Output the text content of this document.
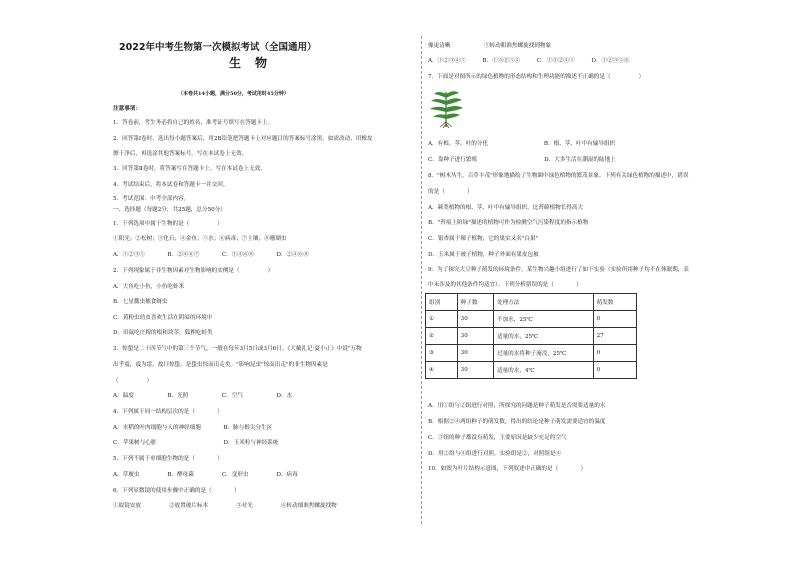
2022年中考生物第一次模拟考试（全国通用）
生物
（本卷共14小题，满分50分，考试用时45分钟）
注意事项：
1．答卷前，考生务必将自己的姓名、准考证号填写在答题卡上。
2．回答第Ⅰ卷时，选出每小题答案后，用2B铅笔把答题卡上对应题目的答案标号涂黑。如需改动，用橡皮
擦干净后，再选涂其他答案标号。写在本试卷上无效。
3．回答第Ⅱ卷时，将答案写在答题卡上。写在本试卷上无效。
4．考试结束后，将本试卷和答题卡一并交回。
5．考试范围：中考全部内容。
一、选择题（每题2分，共25题，总分50分）
1．下列选项中属于生物的是（　　　　　）
①阳光；②松树；③化石；④金鱼；⑤水；⑥病毒；⑦土壤；⑧珊瑚虫
A．①②③⑤　　　　B．②④⑥⑦　　　　C．①④⑥⑧　　　　D．②④⑥⑧
2．下列现象属于非生物因素对生物影响的实例是（　　　　　）
A．大鱼吃小鱼，小鱼吃虾米
B．七星瓢虫捕食蚜虫
C．黄粉虫幼虫喜欢生活在阴暗的环境中
D．田鼠吃庄稼的根和块茎，狐狸吃蛙类
3．惊蛰是二十四节气中的第三个节气，一般在每年3月5日或3月6日。《大戴礼记·夏小正》中说"万物
出乎震，震为雷，故曰惊蛰。是蛰虫惊而出走矣。"影响昆虫"惊而出走"的非生物因素是
（　　　　　）
A．温度　　　　　　B．光照　　　　　　C．空气　　　　　　D．水
4．下列属于同一结构层次的是（　　　　）
A．水稻的叶肉细胞与人的神经细胞　　　　B．肺与根尖分生区
C．苹果树与心脏　　　　　　　　　　　　D．玉米粒与神经系统
5．下列不属于单细胞生物的是（　　　　）
A．草履虫　　　　　B．酵母菌　　　　　C．变形虫　　　　　D．病毒
6．下列显微镜的使用步骤中正确的是（　　　　）
①取镜安放　　　　　②放置玻片标本　　　　　③对光　　　　　④转动细准焦螺旋找物
像更清晰　　　　　　⑤转动粗准焦螺旋找到物象
A．①②③④⑤　　　B．①③②⑤④　　　C．①③②④⑤　　　D．①②③⑤④
7．下面是对图所示的绿色植物的形态结构和生理功能的描述不正确的是（　　　　　）
A．有根、茎、叶的分化　　　　　　　　　　B．根、茎、叶中有输导组织
C．靠种子进行繁殖　　　　　　　　　　　　D．大多生活在潮湿的陆地上
8．"树木丛生，百草丰茂"形象地描绘了生物圈中绿色植物的繁茂景象。下列有关绿色植物的描述中，错误
的是（　　　　）
A．蕨类植物的根、茎、叶中有输导组织，比苔藓植物长得高大
B．"苔痕上阶绿"描述的植物可作为检测空气污染程度的指示植物
C．银杏属于裸子植物，它的果实又名"白果"
D．玉米属于被子植物，种子外面有果皮包被
9．为了探究大豆种子萌发的环境条件，某生物兴趣小组进行了如下实验（实验所用种子均不在休眠期，表
中未涉及的其他条件均适宜）。下列分析错误的是（　　　　）
组别	种子数	处理方法	萌发数
①	30	不加水，25℃	0
②	30	适量的水，25℃	27
③	30	过量的水将种子淹没，25℃	0
④	30	适量的水，4℃	0
A．用①组与②组进行对照，所探究的问题是种子萌发是否需要适量的水
B．根据②④两组种子的萌发数，得出的结论是种子萌发需要适宜的温度
C．③组的种子都没有萌发，主要原因是缺少充足的空气
D．用②组与④组进行对照，实验组是②，对照组是④
10．如图为叶片结构示意图，下列叙述中正确的是（　　　　）
